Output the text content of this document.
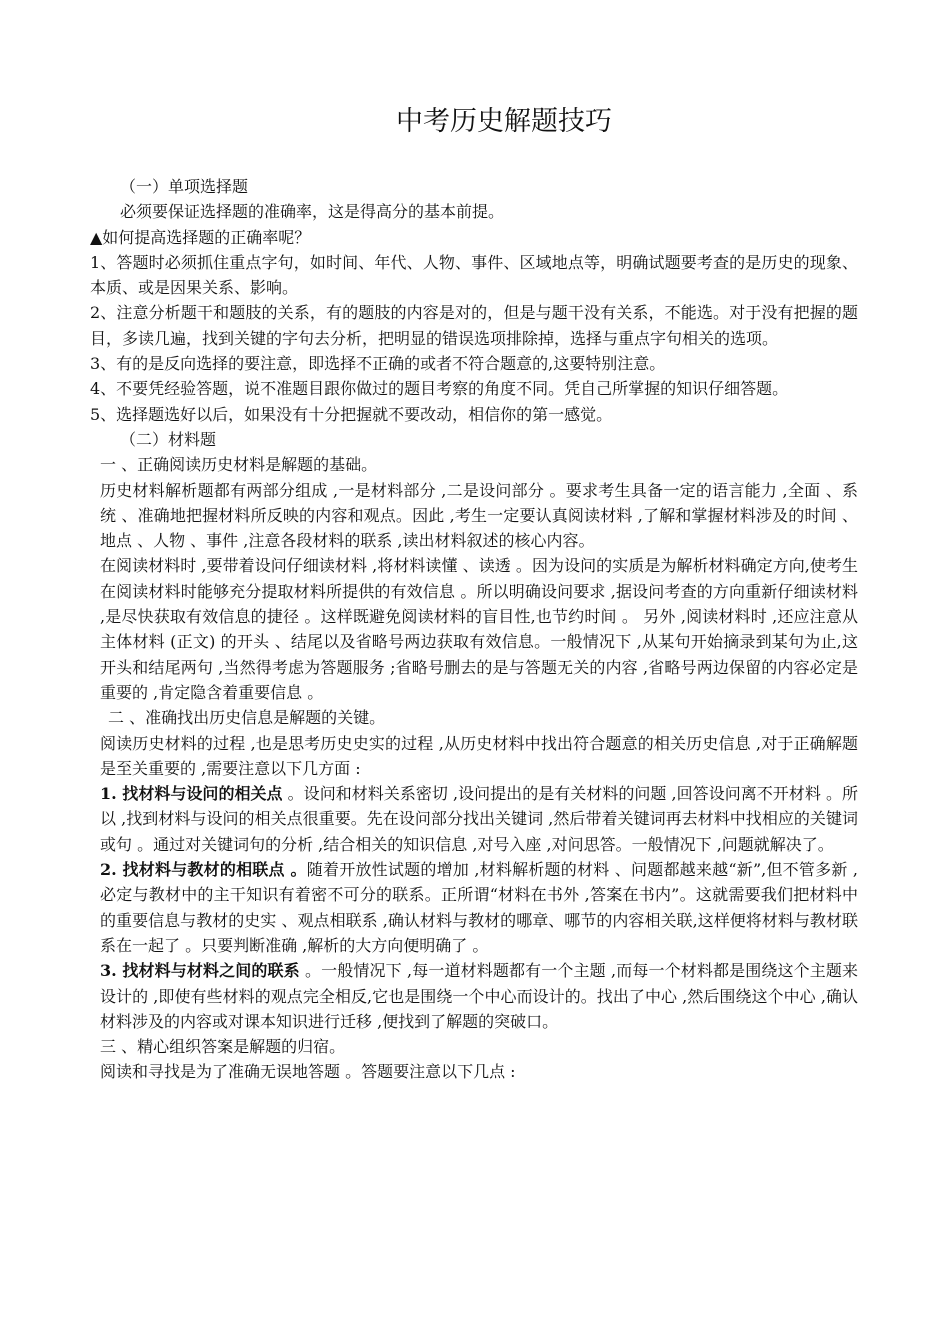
中考历史解题技巧

（一）单项选择题

必须要保证选择题的准确率，这是得高分的基本前提。

▲如何提高选择题的正确率呢？

1、答题时必须抓住重点字句，如时间、年代、人物、事件、区域地点等，明确试题要考查的是历史的现象、本质、或是因果关系、影响。

2、注意分析题干和题肢的关系，有的题肢的内容是对的，但是与题干没有关系，不能选。对于没有把握的题目，多读几遍，找到关键的字句去分析，把明显的错误选项排除掉，选择与重点字句相关的选项。

3、有的是反向选择的要注意，即选择不正确的或者不符合题意的,这要特别注意。

4、不要凭经验答题，说不准题目跟你做过的题目考察的角度不同。凭自己所掌握的知识仔细答题。

5、选择题选好以后，如果没有十分把握就不要改动，相信你的第一感觉。

（二）材料题

一 、正确阅读历史材料是解题的基础。

历史材料解析题都有两部分组成 ,一是材料部分 ,二是设问部分 。要求考生具备一定的语言能力 ,全面 、系统 、准确地把握材料所反映的内容和观点。因此 ,考生一定要认真阅读材料 ,了解和掌握材料涉及的时间 、地点 、人物 、事件 ,注意各段材料的联系 ,读出材料叙述的核心内容。

在阅读材料时 ,要带着设问仔细读材料 ,将材料读懂 、读透 。因为设问的实质是为解析材料确定方向,使考生在阅读材料时能够充分提取材料所提供的有效信息 。所以明确设问要求 ,据设问考查的方向重新仔细读材料 ,是尽快获取有效信息的捷径 。这样既避免阅读材料的盲目性,也节约时间 。 另外 ,阅读材料时 ,还应注意从主体材料 (正文) 的开头 、结尾以及省略号两边获取有效信息。一般情况下 ,从某句开始摘录到某句为止,这开头和结尾两句 ,当然得考虑为答题服务 ;省略号删去的是与答题无关的内容 ,省略号两边保留的内容必定是重要的 ,肯定隐含着重要信息 。

二 、准确找出历史信息是解题的关键。

阅读历史材料的过程 ,也是思考历史史实的过程 ,从历史材料中找出符合题意的相关历史信息 ,对于正确解题是至关重要的 ,需要注意以下几方面 :

1. 找材料与设问的相关点 。设问和材料关系密切 ,设问提出的是有关材料的问题 ,回答设问离不开材料 。所以 ,找到材料与设问的相关点很重要。先在设问部分找出关键词 ,然后带着关键词再去材料中找相应的关键词或句 。通过对关键词句的分析 ,结合相关的知识信息 ,对号入座 ,对问思答。一般情况下 ,问题就解决了。

2. 找材料与教材的相联点 。随着开放性试题的增加 ,材料解析题的材料 、问题都越来越“新”,但不管多新 ,必定与教材中的主干知识有着密不可分的联系。正所谓“材料在书外 ,答案在书内”。这就需要我们把材料中的重要信息与教材的史实 、观点相联系 ,确认材料与教材的哪章、哪节的内容相关联,这样便将材料与教材联系在一起了 。只要判断准确 ,解析的大方向便明确了 。

3. 找材料与材料之间的联系 。一般情况下 ,每一道材料题都有一个主题 ,而每一个材料都是围绕这个主题来设计的 ,即使有些材料的观点完全相反,它也是围绕一个中心而设计的。找出了中心 ,然后围绕这个中心 ,确认材料涉及的内容或对课本知识进行迁移 ,便找到了解题的突破口。

三 、精心组织答案是解题的归宿。

阅读和寻找是为了准确无误地答题 。答题要注意以下几点 :
